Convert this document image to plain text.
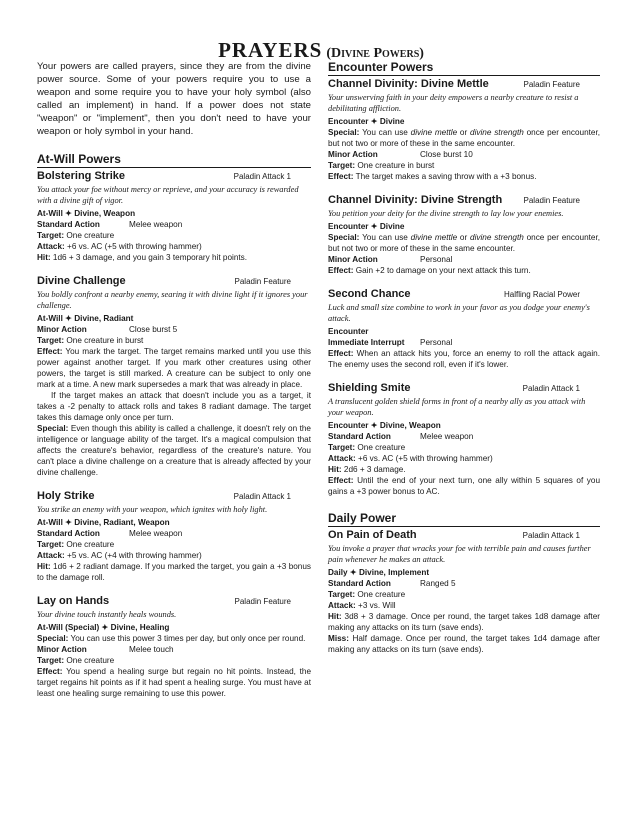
PRAYERS (Divine Powers)

Your powers are called prayers, since they are from the divine power source. Some of your powers require you to use a weapon and some require you to have your holy symbol (also called an implement) in hand. If a power does not state "weapon" or "implement", then you don't need to have your weapon or holy symbol in your hand.

At-Will Powers
Bolstering Strike	Paladin Attack 1

You attack your foe without mercy or reprieve, and your accuracy is rewarded with a divine gift of vigor.

At-Will ✦ Divine, Weapon

Standard Action	Melee weapon

Target: One creature

Attack: +6 vs. AC (+5 with throwing hammer)

Hit: 1d6 + 3 damage, and you gain 3 temporary hit points.

Divine Challenge	Paladin Feature

You boldly confront a nearby enemy, searing it with divine light if it ignores your challenge.

At-Will ✦ Divine, Radiant

Minor Action	Close burst 5

Target: One creature in burst

Effect: You mark the target. The target remains marked until you use this power against another target. If you mark other creatures using other powers, the target is still marked. A creature can be subject to only one mark at a time. A new mark supersedes a mark that was already in place.

If the target makes an attack that doesn't include you as a target, it takes a -2 penalty to attack rolls and takes 8 radiant damage. The target takes this damage only once per turn.

Special: Even though this ability is called a challenge, it doesn't rely on the intelligence or language ability of the target. It's a magical compulsion that affects the creature's behavior, regardless of the creature's nature. You can't place a divine challenge on a creature that is already affected by your divine challenge.

Holy Strike	Paladin Attack 1

You strike an enemy with your weapon, which ignites with holy light.

At-Will ✦ Divine, Radiant, Weapon

Standard Action	Melee weapon

Target: One creature

Attack: +5 vs. AC (+4 with throwing hammer)

Hit: 1d6 + 2 radiant damage. If you marked the target, you gain a +3 bonus to the damage roll.

Lay on Hands	Paladin Feature

Your divine touch instantly heals wounds.

At-Will (Special) ✦ Divine, Healing

Special: You can use this power 3 times per day, but only once per round.

Minor Action	Melee touch

Target: One creature

Effect: You spend a healing surge but regain no hit points. Instead, the target regains hit points as if it had spent a healing surge. You must have at least one healing surge remaining to use this power.

Encounter Powers
Channel Divinity: Divine Mettle	Paladin Feature

Your unswerving faith in your deity empowers a nearby creature to resist a debilitating affliction.

Encounter ✦ Divine

Special: You can use divine mettle or divine strength once per encounter, but not two or more of these in the same encounter.

Minor Action	Close burst 10

Target: One creature in burst

Effect: The target makes a saving throw with a +3 bonus.

Channel Divinity: Divine Strength	Paladin Feature

You petition your deity for the divine strength to lay low your enemies.

Encounter ✦ Divine

Special: You can use divine mettle or divine strength once per encounter, but not two or more of these in the same encounter.

Minor Action	Personal

Effect: Gain +2 to damage on your next attack this turn.

Second Chance	Halfling Racial Power

Luck and small size combine to work in your favor as you dodge your enemy's attack.

Encounter

Immediate Interrupt	Personal

Effect: When an attack hits you, force an enemy to roll the attack again. The enemy uses the second roll, even if it's lower.

Shielding Smite	Paladin Attack 1

A translucent golden shield forms in front of a nearby ally as you attack with your weapon.

Encounter ✦ Divine, Weapon

Standard Action	Melee weapon

Target: One creature

Attack: +6 vs. AC (+5 with throwing hammer)

Hit: 2d6 + 3 damage.

Effect: Until the end of your next turn, one ally within 5 squares of you gains a +3 power bonus to AC.

Daily Power
On Pain of Death	Paladin Attack 1

You invoke a prayer that wracks your foe with terrible pain and causes further pain whenever he makes an attack.

Daily ✦ Divine, Implement

Standard Action	Ranged 5

Target: One creature

Attack: +3 vs. Will

Hit: 3d8 + 3 damage. Once per round, the target takes 1d8 damage after making any attacks on its turn (save ends).

Miss: Half damage. Once per round, the target takes 1d4 damage after making any attacks on its turn (save ends).
